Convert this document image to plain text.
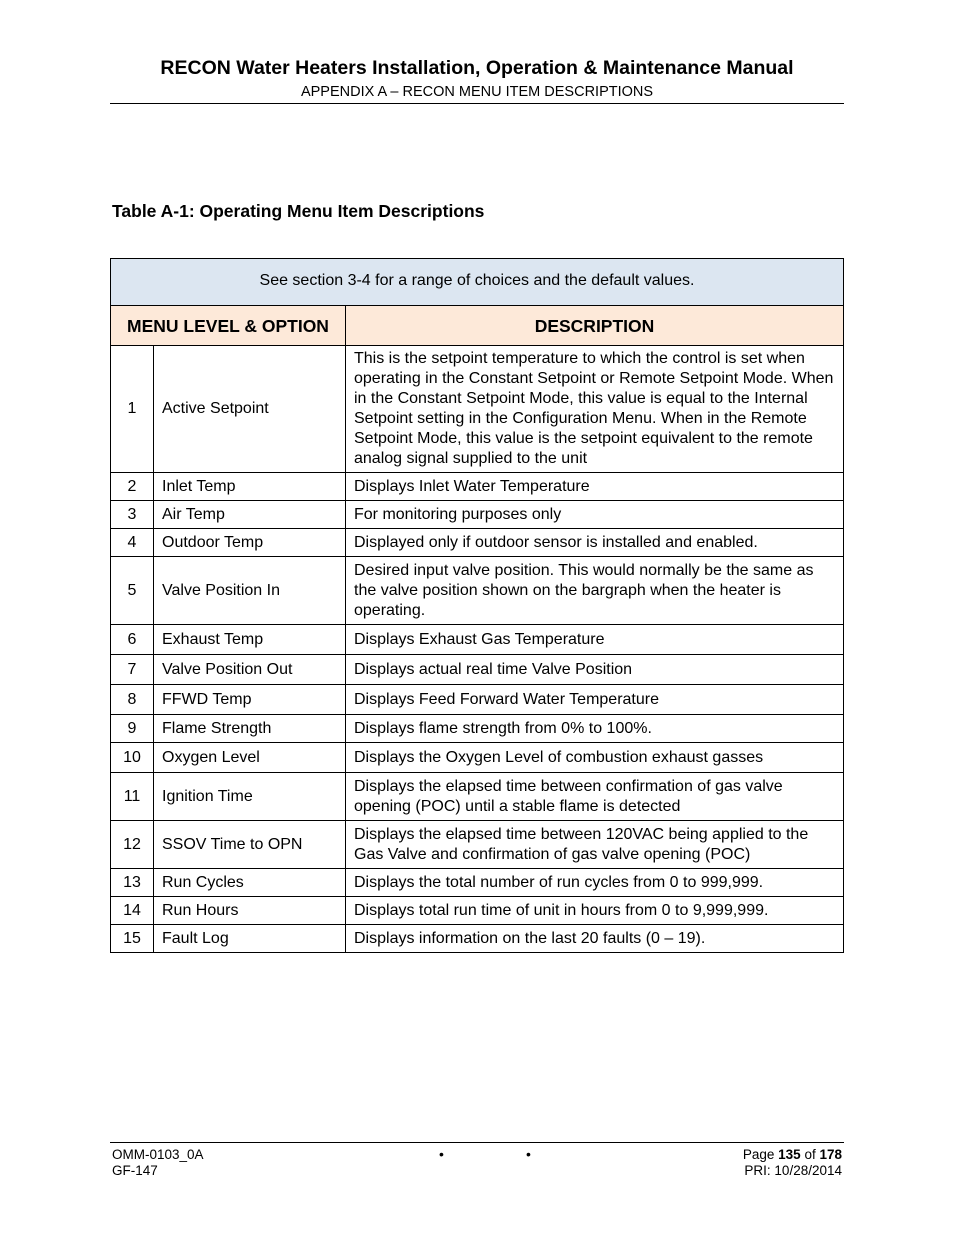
RECON Water Heaters Installation, Operation & Maintenance Manual
APPENDIX A – RECON MENU ITEM DESCRIPTIONS
Table A-1: Operating Menu Item Descriptions
See section 3-4 for a range of choices and the default values.		
MENU LEVEL & OPTION		DESCRIPTION
1	Active Setpoint	This is the setpoint temperature to which the control is set when operating in the Constant Setpoint or Remote Setpoint Mode. When in the Constant Setpoint Mode, this value is equal to the Internal Setpoint setting in the Configuration Menu. When in the Remote Setpoint Mode, this value is the setpoint equivalent to the remote analog signal supplied to the unit
2	Inlet Temp	Displays Inlet Water Temperature
3	Air Temp	For monitoring purposes only
4	Outdoor Temp	Displayed only if outdoor sensor is installed and enabled.
5	Valve Position In	Desired input valve position. This would normally be the same as the valve position shown on the bargraph when the heater is operating.
6	Exhaust Temp	Displays Exhaust Gas Temperature
7	Valve Position Out	Displays actual real time Valve Position
8	FFWD Temp	Displays Feed Forward Water Temperature
9	Flame Strength	Displays flame strength from 0% to 100%.
10	Oxygen Level	Displays the Oxygen Level of combustion exhaust gasses
11	Ignition Time	Displays the elapsed time between confirmation of gas valve opening (POC) until a stable flame is detected
12	SSOV Time to OPN	Displays the elapsed time between 120VAC being applied to the Gas Valve and confirmation of gas valve opening (POC)
13	Run Cycles	Displays the total number of run cycles from 0 to 999,999.
14	Run Hours	Displays total run time of unit in hours from 0 to 9,999,999.
15	Fault Log	Displays information on the last 20 faults (0 – 19).
OMM-0103_0A
GF-147
•	•	Page 135 of 178
PRI: 10/28/2014
